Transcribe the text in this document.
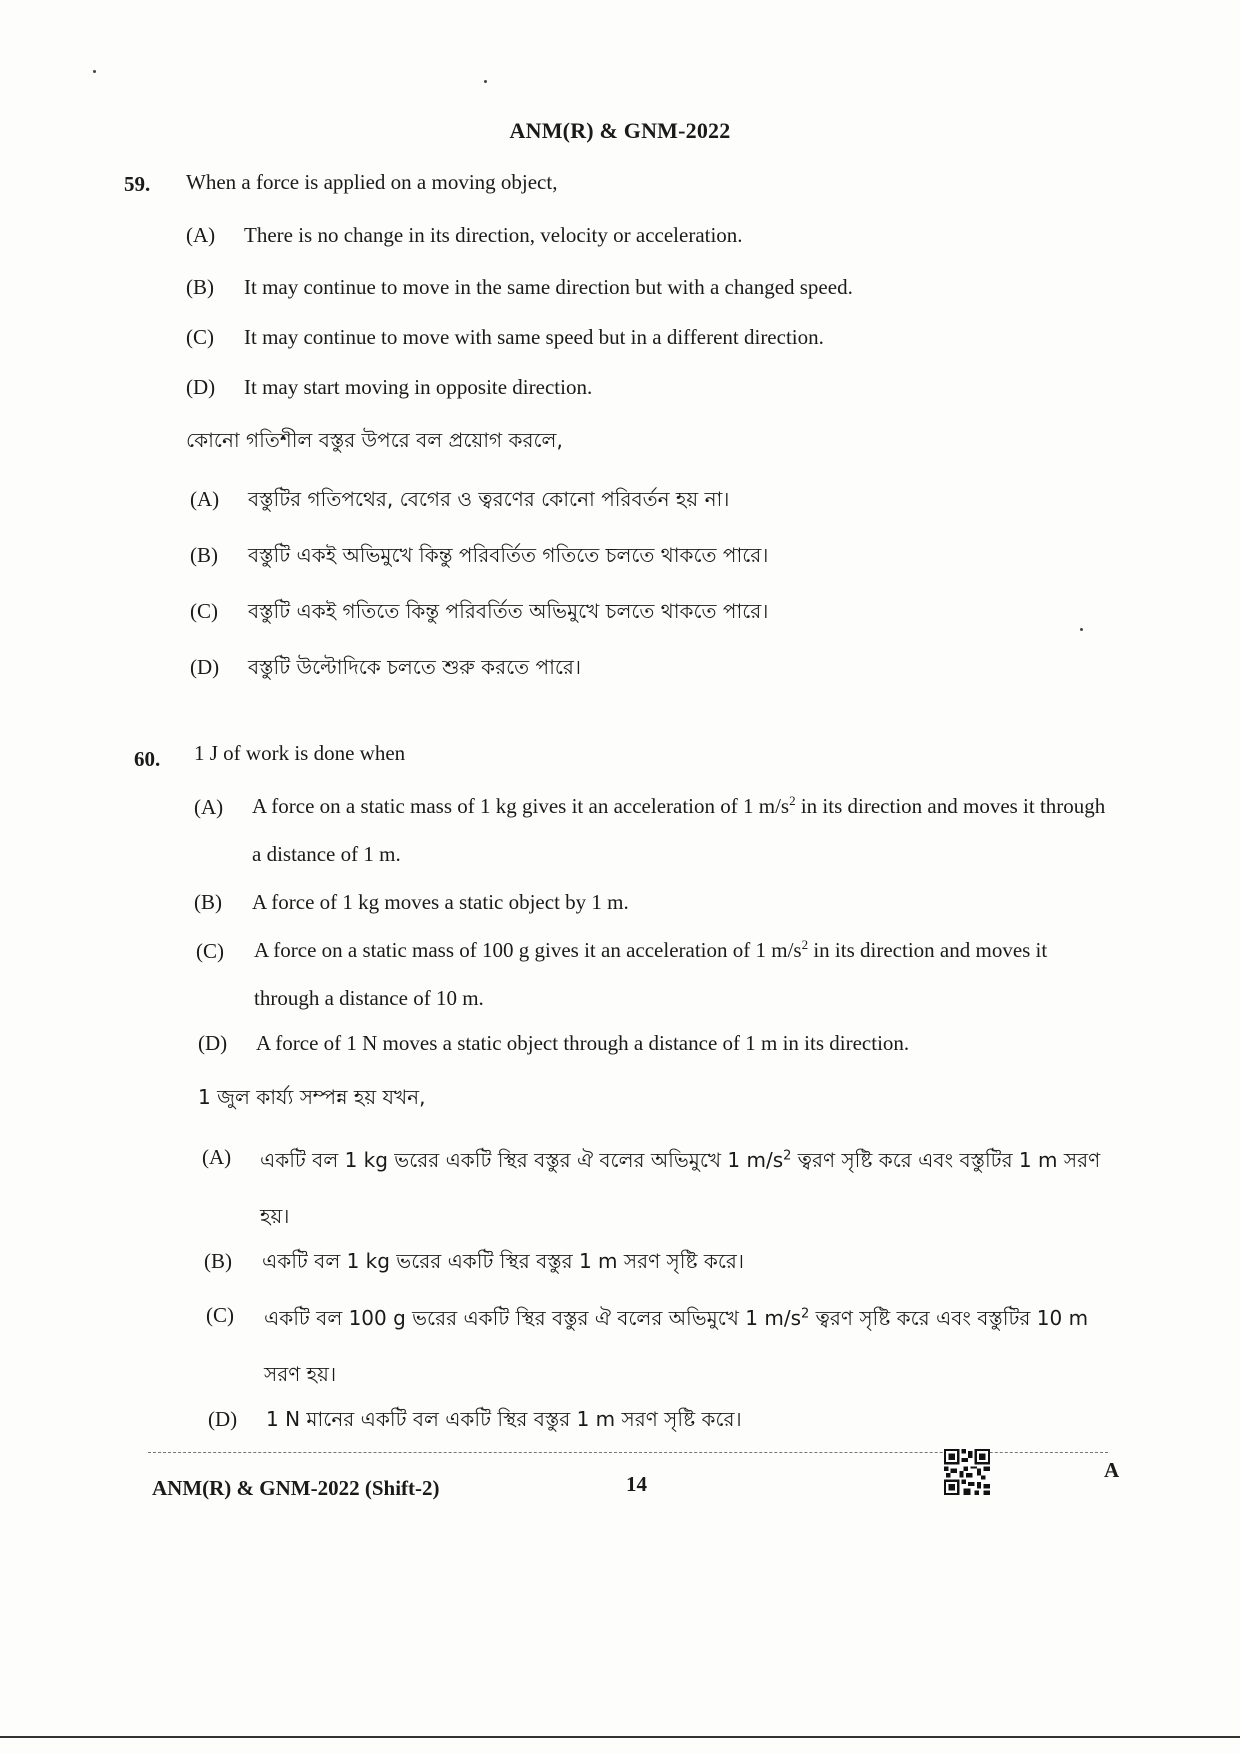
ANM(R) & GNM-2022
59. When a force is applied on a moving object,
(A) There is no change in its direction, velocity or acceleration.
(B) It may continue to move in the same direction but with a changed speed.
(C) It may continue to move with same speed but in a different direction.
(D) It may start moving in opposite direction.
কোনো গতিশীল বস্তুর উপরে বল প্রয়োগ করলে,
(A) বস্তুটির গতিপথের, বেগের ও ত্বরণের কোনো পরিবর্তন হয় না।
(B) বস্তুটি একই অভিমুখে কিন্তু পরিবর্তিত গতিতে চলতে থাকতে পারে।
(C) বস্তুটি একই গতিতে কিন্তু পরিবর্তিত অভিমুখে চলতে থাকতে পারে।
(D) বস্তুটি উল্টোদিকে চলতে শুরু করতে পারে।
60. 1 J of work is done when
(A) A force on a static mass of 1 kg gives it an acceleration of 1 $m/s^2$ in its direction and moves it through a distance of 1 m.
(B) A force of 1 kg moves a static object by 1 m.
(C) A force on a static mass of 100 g gives it an acceleration of 1 $m/s^2$ in its direction and moves it through a distance of 10 m.
(D) A force of 1 N moves a static object through a distance of 1 m in its direction.
1 জুল কার্য্য সম্পন্ন হয় যখন,
(A) একটি বল 1 kg ভরের একটি স্থির বস্তুর ঐ বলের অভিমুখে 1 $m/s^2$ ত্বরণ সৃষ্টি করে এবং বস্তুটির 1 m সরণ হয়।
(B) একটি বল 1 kg ভরের একটি স্থির বস্তুর 1 m সরণ সৃষ্টি করে।
(C) একটি বল 100 g ভরের একটি স্থির বস্তুর ঐ বলের অভিমুখে 1 $m/s^2$ ত্বরণ সৃষ্টি করে এবং বস্তুটির 10 m সরণ হয়।
(D) 1 N মানের একটি বল একটি স্থির বস্তুর 1 m সরণ সৃষ্টি করে।
ANM(R) & GNM-2022 (Shift-2)	14
A
